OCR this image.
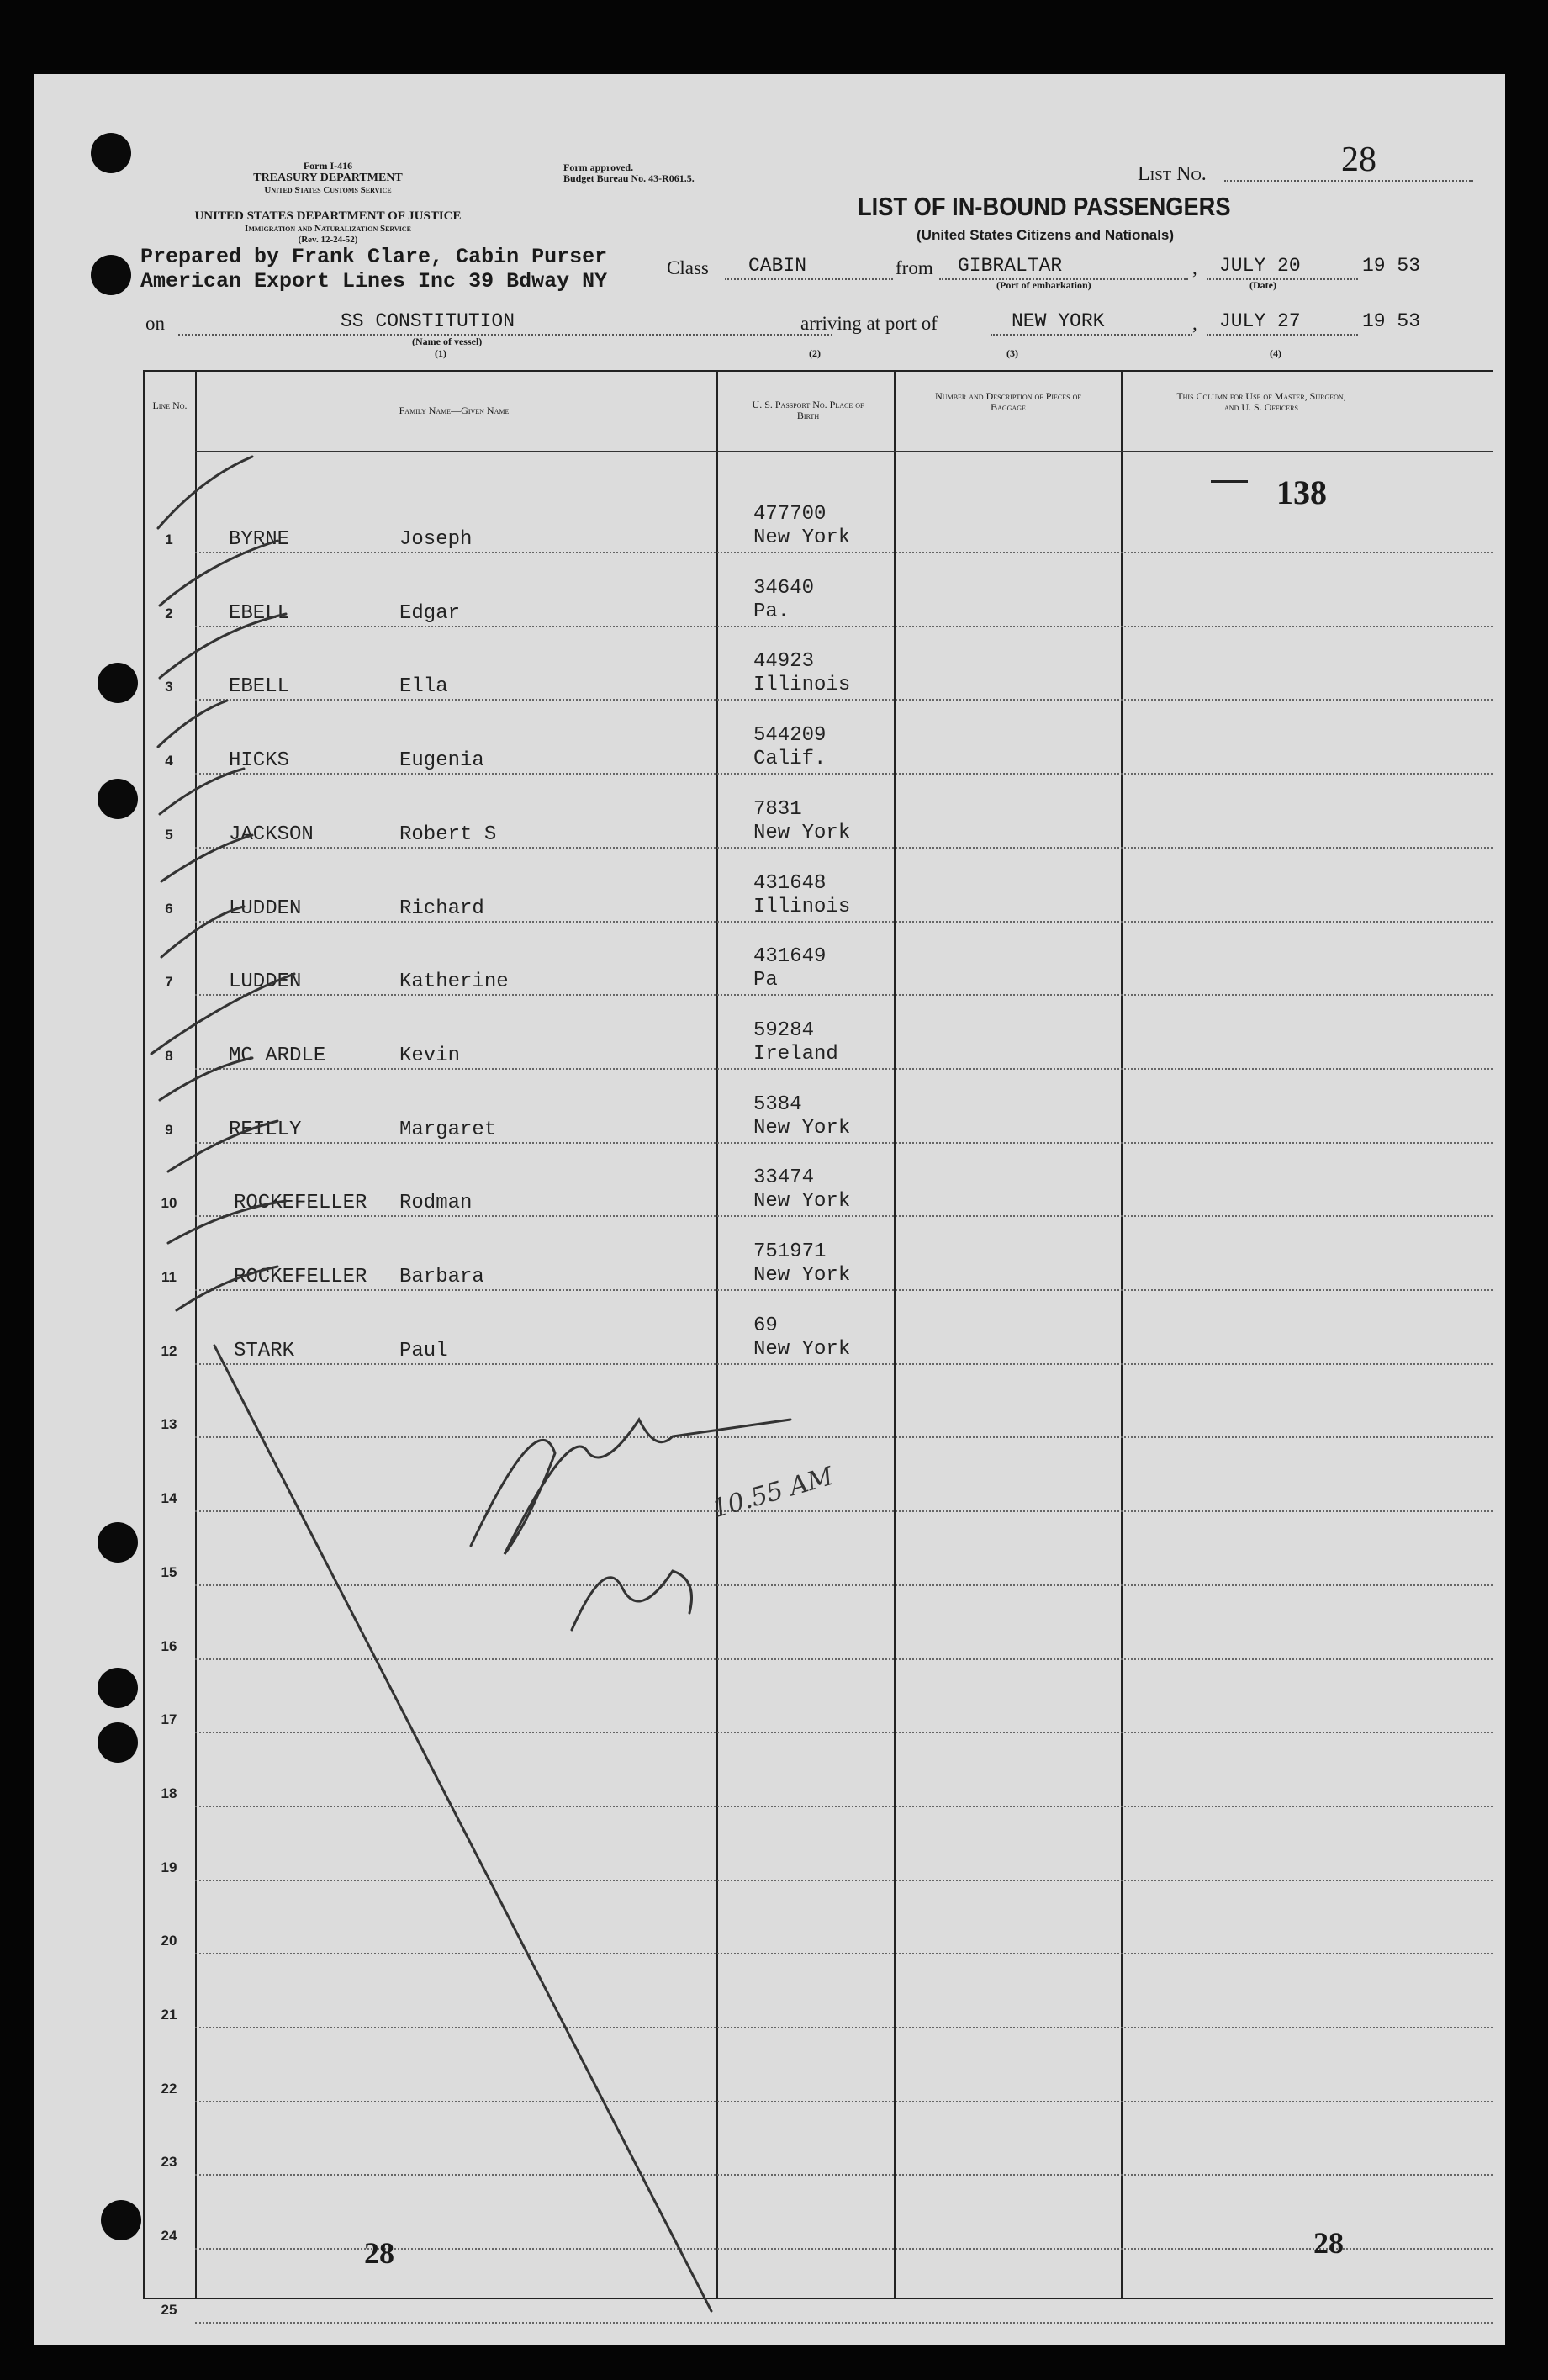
Form I-416
TREASURY DEPARTMENT
United States Customs Service
UNITED STATES DEPARTMENT OF JUSTICE
Immigration and Naturalization Service
(Rev. 12-24-52)
Form approved.
Budget Bureau No. 43-R061.5.	List No.	28
LIST OF IN-BOUND PASSENGERS
(United States Citizens and Nationals)
Prepared by Frank Clare, Cabin Purser
American Export Lines Inc 39 Bdway NY
Class CABIN	from GIBRALTAR
(Port of embarkation)
, JULY 20
(Date)
19 53
on	SS CONSTITUTION
(Name of vessel)
(1)
arriving at port of	NEW YORK	, JULY 27	19 53
(2)	(3)	(4)
Line No.	Family Name—Given Name	U. S. Passport No. Place of Birth
Number and Description of Pieces of Baggage
This Column for Use of Master, Surgeon, and U. S. Officers
1	BYRNE	Joseph
477700
New York
2	EBELL	Edgar
34640
Pa.
3	EBELL	Ella
44923
Illinois
4	HICKS	Eugenia
544209
Calif.
5	JACKSON	Robert S
7831
New York
6	LUDDEN	Richard
431648
Illinois
7	LUDDEN	Katherine
431649
Pa
8	MC ARDLE	Kevin
59284
Ireland
9	REILLY	Margaret
5384
New York
10	ROCKEFELLER Rodman
33474
New York
11	ROCKEFELLER Barbara
751971
New York
12	STARK	Paul
69
New York
13
14
15
16
17
18
19
20
21
22
23
24
25
10.55 AM
138
28	28
